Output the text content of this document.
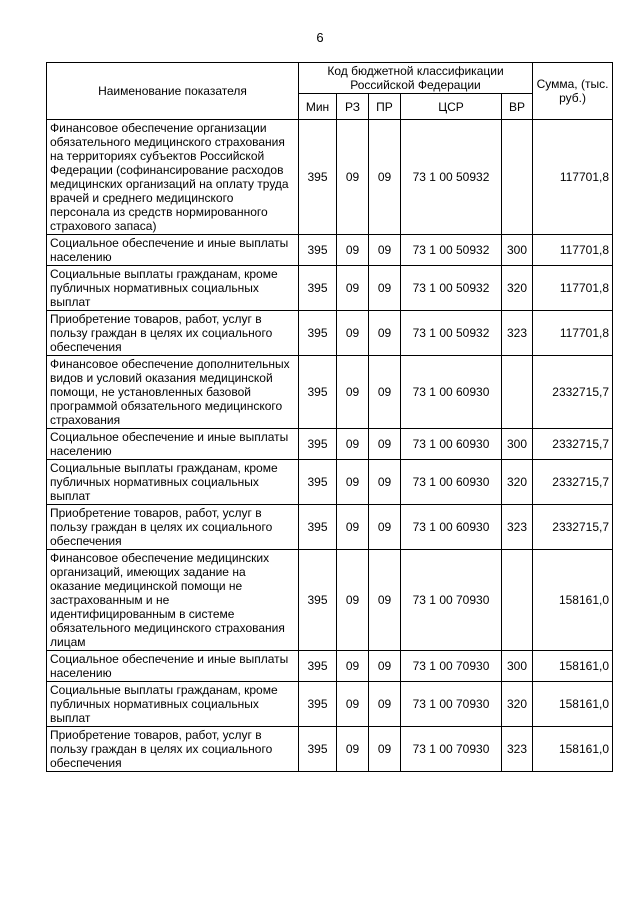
6
Наименование показателя	Код бюджетной классификации Российской Федерации					Сумма, (тыс. руб.)
	Мин	РЗ	ПР	ЦСР	ВР	
Финансовое обеспечение организации обязательного медицинского страхования на территориях субъектов Российской Федерации (софинансирование расходов медицинских организаций на оплату труда врачей и среднего медицинского персонала из средств нормированного страхового запаса)	395	09	09	73 1 00 50932		117701,8
Социальное обеспечение и иные выплаты населению	395	09	09	73 1 00 50932	300	117701,8
Социальные выплаты гражданам, кроме публичных нормативных социальных выплат	395	09	09	73 1 00 50932	320	117701,8
Приобретение товаров, работ, услуг в пользу граждан в целях их социального обеспечения	395	09	09	73 1 00 50932	323	117701,8
Финансовое обеспечение дополнительных видов и условий оказания медицинской помощи, не установленных базовой программой обязательного медицинского страхования	395	09	09	73 1 00 60930		2332715,7
Социальное обеспечение и иные выплаты населению	395	09	09	73 1 00 60930	300	2332715,7
Социальные выплаты гражданам, кроме публичных нормативных социальных выплат	395	09	09	73 1 00 60930	320	2332715,7
Приобретение товаров, работ, услуг в пользу граждан в целях их социального обеспечения	395	09	09	73 1 00 60930	323	2332715,7
Финансовое обеспечение медицинских организаций, имеющих задание на оказание медицинской помощи не застрахованным и не идентифицированным в системе обязательного медицинского страхования лицам	395	09	09	73 1 00 70930		158161,0
Социальное обеспечение и иные выплаты населению	395	09	09	73 1 00 70930	300	158161,0
Социальные выплаты гражданам, кроме публичных нормативных социальных выплат	395	09	09	73 1 00 70930	320	158161,0
Приобретение товаров, работ, услуг в пользу граждан в целях их социального обеспечения	395	09	09	73 1 00 70930	323	158161,0
